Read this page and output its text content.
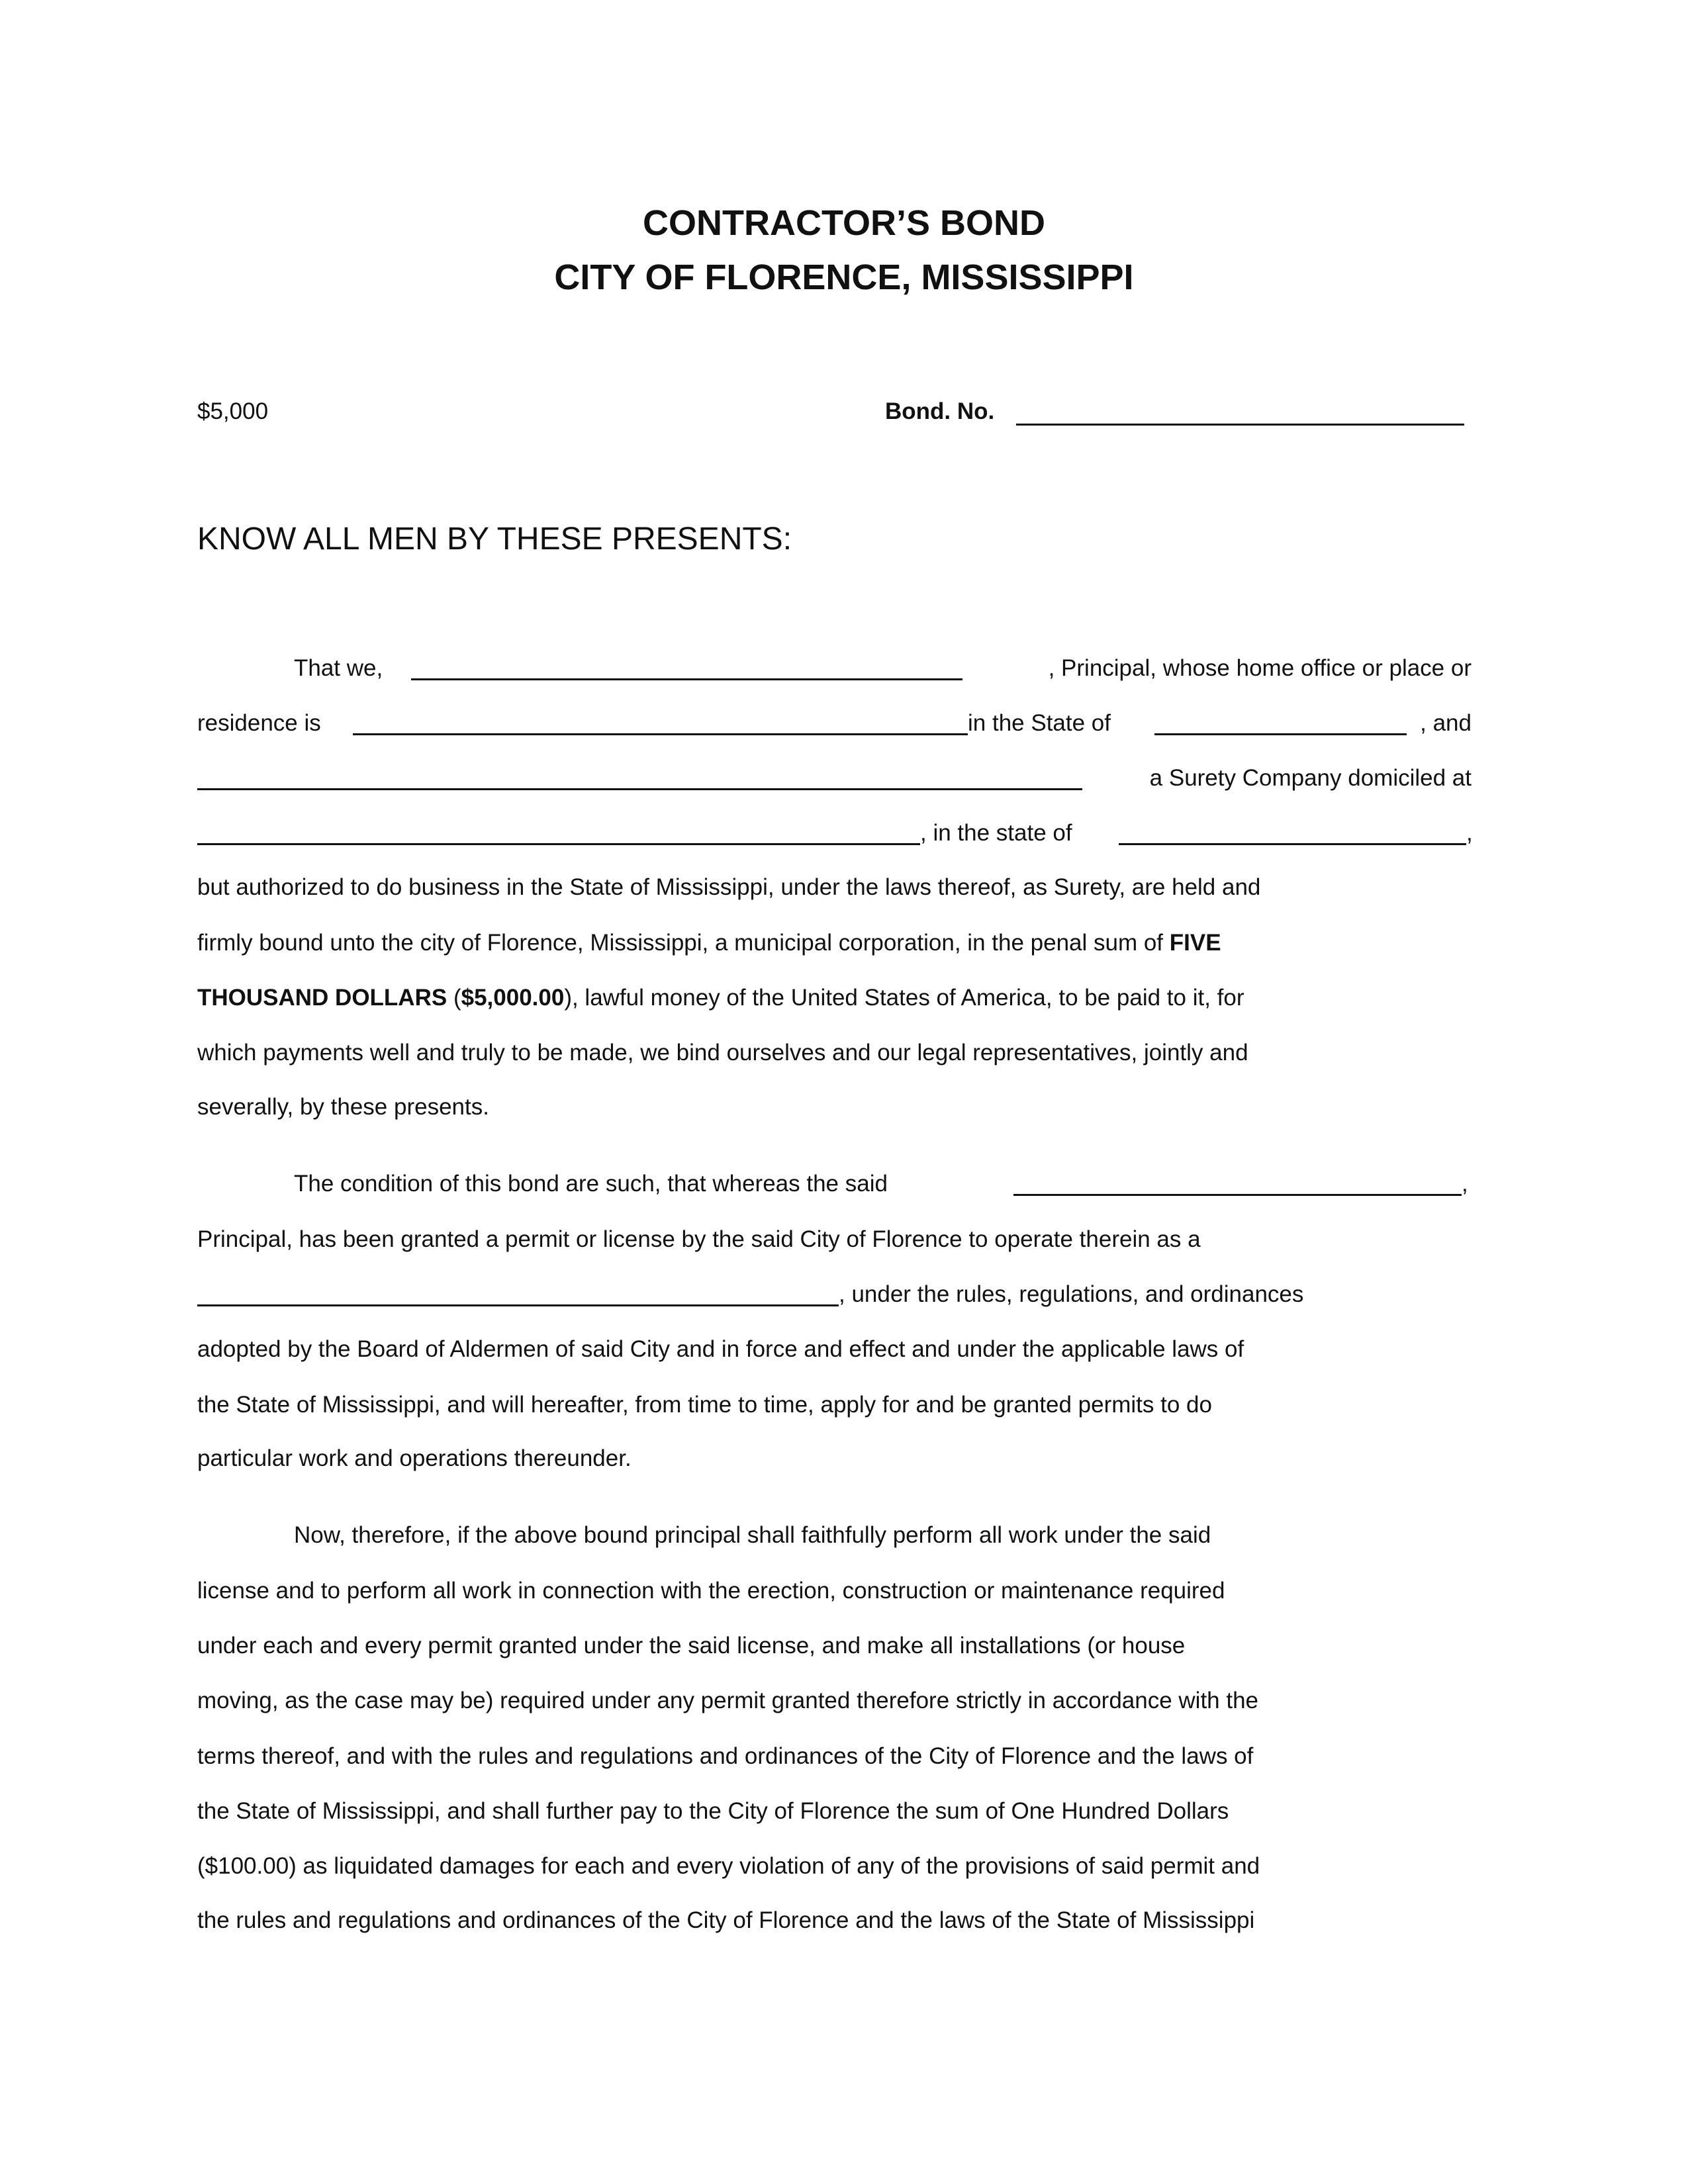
CONTRACTOR’S BOND
CITY OF FLORENCE, MISSISSIPPI
$5,000	Bond. No.
KNOW ALL MEN BY THESE PRESENTS:
That we,	, Principal, whose home office or place or
residence is	in the State of	, and
a Surety Company domiciled at
, in the state of	,
but authorized to do business in the State of Mississippi, under the laws thereof, as Surety, are held and
firmly bound unto the city of Florence, Mississippi, a municipal corporation, in the penal sum of FIVE
THOUSAND DOLLARS ($5,000.00), lawful money of the United States of America, to be paid to it, for
which payments well and truly to be made, we bind ourselves and our legal representatives, jointly and
severally, by these presents.
The condition of this bond are such, that whereas the said	,
Principal, has been granted a permit or license by the said City of Florence to operate therein as a
, under the rules, regulations, and ordinances
adopted by the Board of Aldermen of said City and in force and effect and under the applicable laws of
the State of Mississippi, and will hereafter, from time to time, apply for and be granted permits to do
particular work and operations thereunder.
Now, therefore, if the above bound principal shall faithfully perform all work under the said
license and to perform all work in connection with the erection, construction or maintenance required
under each and every permit granted under the said license, and make all installations (or house
moving, as the case may be) required under any permit granted therefore strictly in accordance with the
terms thereof, and with the rules and regulations and ordinances of the City of Florence and the laws of
the State of Mississippi, and shall further pay to the City of Florence the sum of One Hundred Dollars
($100.00) as liquidated damages for each and every violation of any of the provisions of said permit and
the rules and regulations and ordinances of the City of Florence and the laws of the State of Mississippi
